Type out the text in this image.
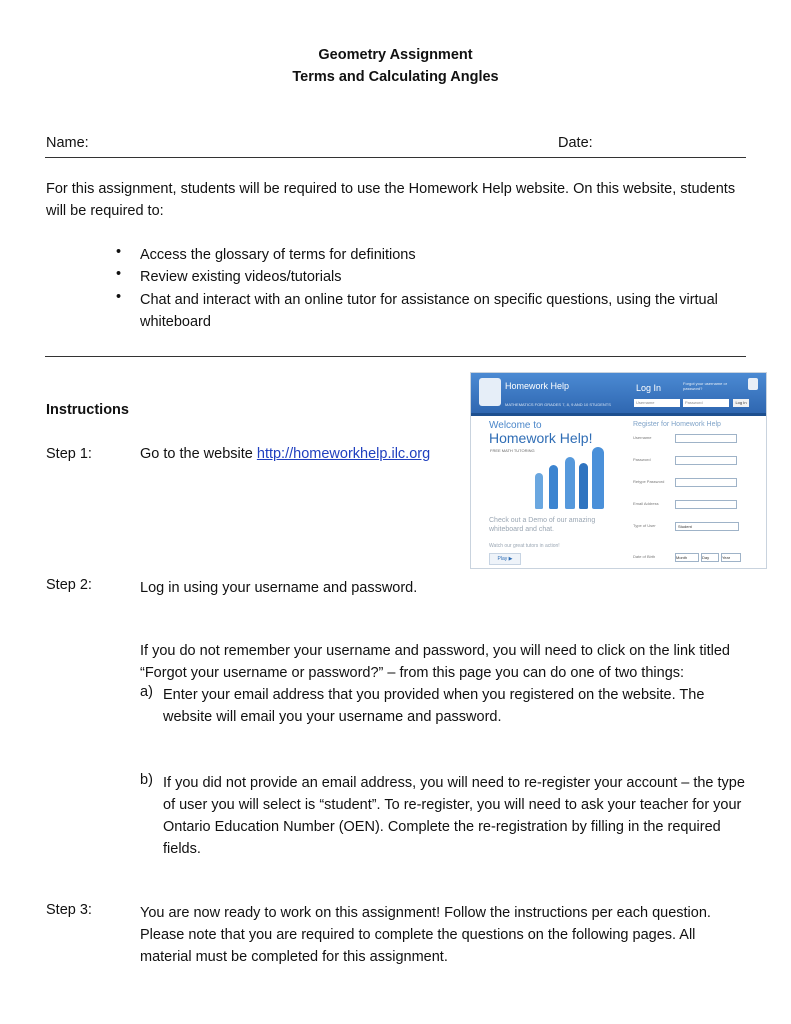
Geometry Assignment
Terms and Calculating Angles
Name:	Date:
For this assignment, students will be required to use the Homework Help website. On this website, students will be required to:
• Access the glossary of terms for definitions
• Review existing videos/tutorials
• Chat and interact with an online tutor for assistance on specific questions, using the virtual whiteboard
Instructions
Step 1:	Go to the website http://homeworkhelp.ilc.org
Homework Help
MATHEMATICS FOR GRADES 7, 8, 9 AND 10 STUDENTS
Log In	Forgot your username or password?
Username	Password	Log In
Welcome to
Homework Help!
FREE MATH TUTORING
Check out a Demo of our amazing whiteboard and chat.
Watch our great tutors in action!
Play ▶
Register for Homework Help
Username
Password
Retype Password
Email Address
Type of User	Student
Date of Birth	Month	Day	Year
Step 2:	Log in using your username and password.
If you do not remember your username and password, you will need to click on the link titled “Forgot your username or password?” – from this page you can do one of two things:
a) Enter your email address that you provided when you registered on the website. The website will email you your username and password.
b) If you did not provide an email address, you will need to re-register your account – the type of user you will select is “student”. To re-register, you will need to ask your teacher for your Ontario Education Number (OEN). Complete the re-registration by filling in the required fields.
Step 3:	You are now ready to work on this assignment! Follow the instructions per each question. Please note that you are required to complete the questions on the following pages. All material must be completed for this assignment.
